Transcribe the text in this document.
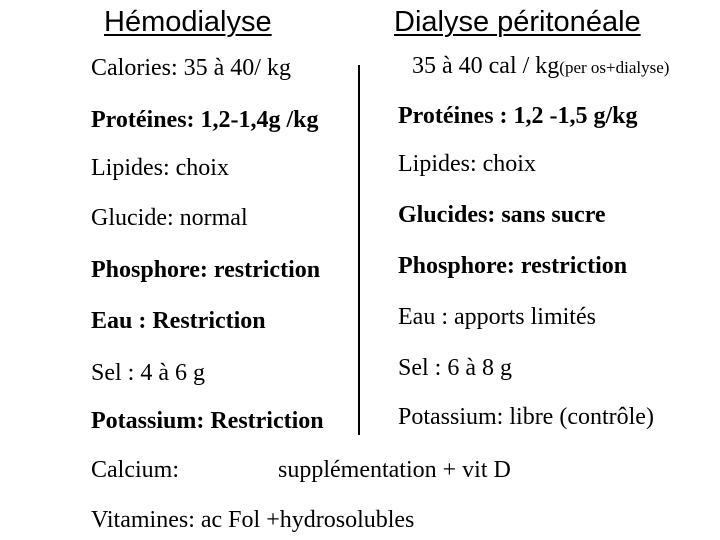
Hémodialyse	Dialyse péritonéale
Calories: 35 à 40/ kg	35 à 40 cal / kg(per os+dialyse)
Protéines: 1,2-1,4g /kg	Protéines : 1,2 -1,5 g/kg
Lipides: choix	Lipides: choix
Glucide: normal	Glucides: sans sucre
Phosphore: restriction	Phosphore: restriction
Eau : Restriction	Eau : apports limités
Sel : 4 à 6 g	Sel : 6 à 8 g
Potassium: Restriction	Potassium: libre (contrôle)
Calcium:	supplémentation + vit D
Vitamines: ac Fol +hydrosolubles
